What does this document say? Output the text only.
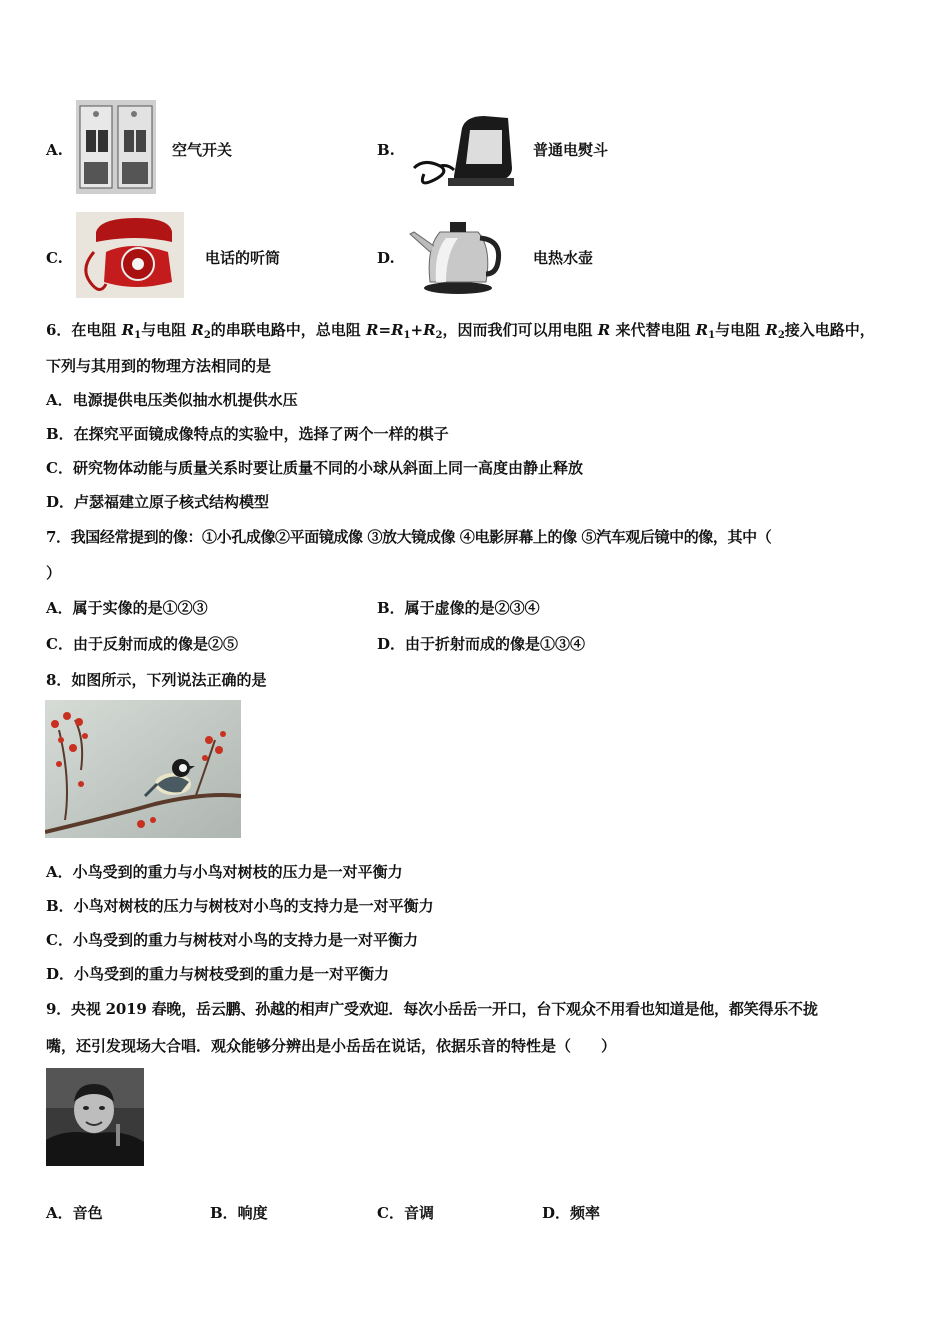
A.	空气开关	B.	普通电熨斗
C.	电话的听筒	D.	电热水壶
6．在电阻 $R_1$与电阻 $R_2$的串联电路中，总电阻 $R=R_1+R_2$，因而我们可以用电阻 R 来代替电阻 $R_1$与电阻 $R_2$接入电路中，
下列与其用到的物理方法相同的是
A．电源提供电压类似抽水机提供水压
B．在探究平面镜成像特点的实验中，选择了两个一样的棋子
C．研究物体动能与质量关系时要让质量不同的小球从斜面上同一高度由静止释放
D．卢瑟福建立原子核式结构模型
7．我国经常提到的像：①小孔成像②平面镜成像 ③放大镜成像 ④电影屏幕上的像 ⑤汽车观后镜中的像，其中（
）
A．属于实像的是①②③	B．属于虚像的是②③④
C．由于反射而成的像是②⑤	D．由于折射而成的像是①③④
8．如图所示，下列说法正确的是
A．小鸟受到的重力与小鸟对树枝的压力是一对平衡力
B．小鸟对树枝的压力与树枝对小鸟的支持力是一对平衡力
C．小鸟受到的重力与树枝对小鸟的支持力是一对平衡力
D．小鸟受到的重力与树枝受到的重力是一对平衡力
9．央视 2019 春晚，岳云鹏、孙越的相声广受欢迎．每次小岳岳一开口，台下观众不用看也知道是他，都笑得乐不拢
嘴，还引发现场大合唱．观众能够分辨出是小岳岳在说话，依据乐音的特性是（　　）
A．音色	B．响度	C．音调	D．频率
